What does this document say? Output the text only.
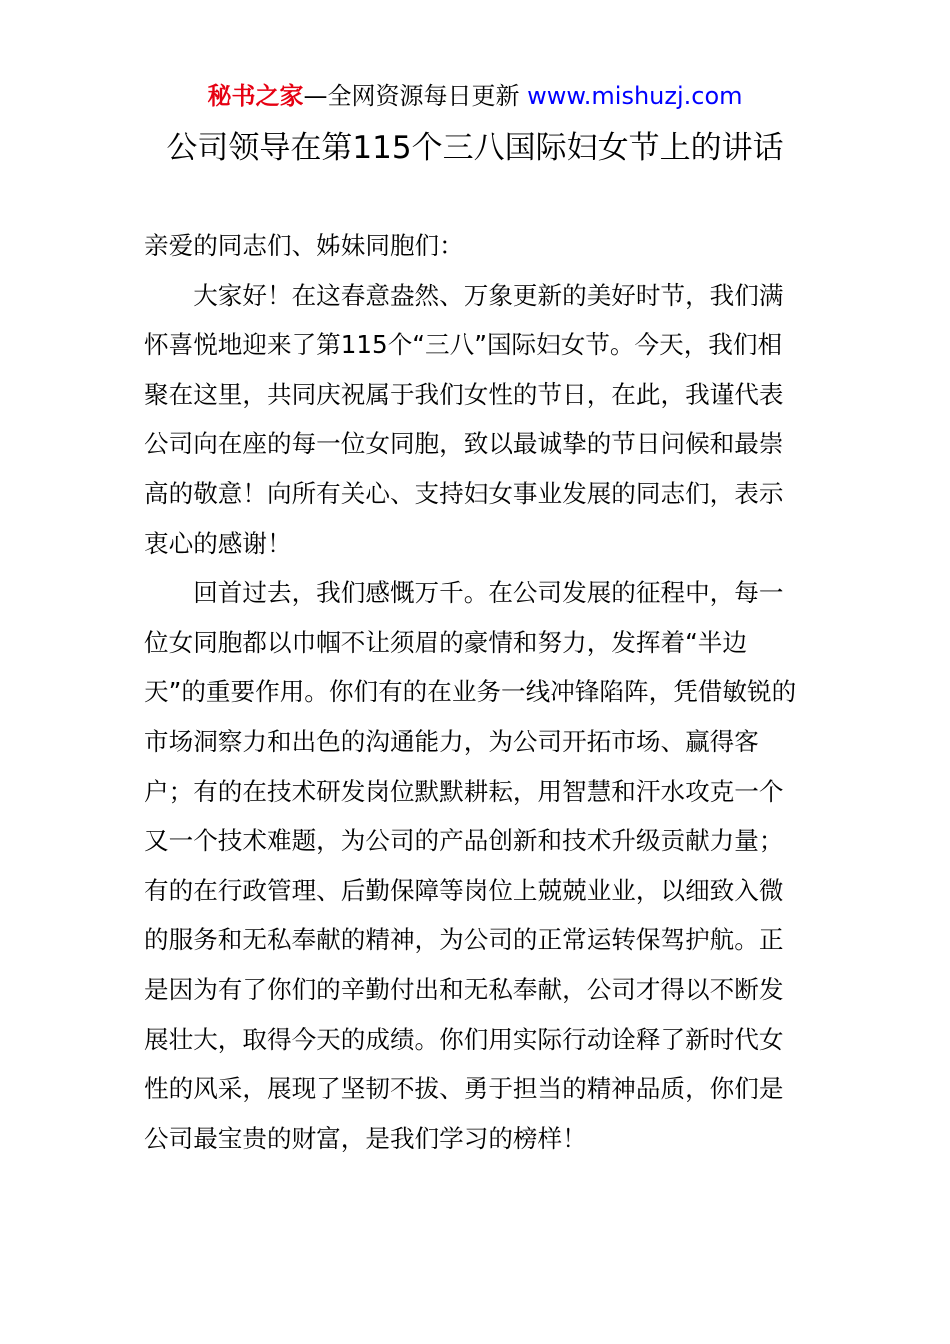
秘书之家—全网资源每日更新 www.mishuzj.com
公司领导在第115个三八国际妇女节上的讲话

亲爱的同志们、姊妹同胞们：

大家好！在这春意盎然、万象更新的美好时节，我们满怀喜悦地迎来了第115个“三八”国际妇女节。今天，我们相聚在这里，共同庆祝属于我们女性的节日，在此，我谨代表公司向在座的每一位女同胞，致以最诚挚的节日问候和最崇高的敬意！向所有关心、支持妇女事业发展的同志们，表示衷心的感谢！

回首过去，我们感慨万千。在公司发展的征程中，每一位女同胞都以巾帼不让须眉的豪情和努力，发挥着“半边天”的重要作用。你们有的在业务一线冲锋陷阵，凭借敏锐的市场洞察力和出色的沟通能力，为公司开拓市场、赢得客户；有的在技术研发岗位默默耕耘，用智慧和汗水攻克一个又一个技术难题，为公司的产品创新和技术升级贡献力量；有的在行政管理、后勤保障等岗位上兢兢业业，以细致入微的服务和无私奉献的精神，为公司的正常运转保驾护航。正是因为有了你们的辛勤付出和无私奉献，公司才得以不断发展壮大，取得今天的成绩。你们用实际行动诠释了新时代女性的风采，展现了坚韧不拔、勇于担当的精神品质，你们是公司最宝贵的财富，是我们学习的榜样！
